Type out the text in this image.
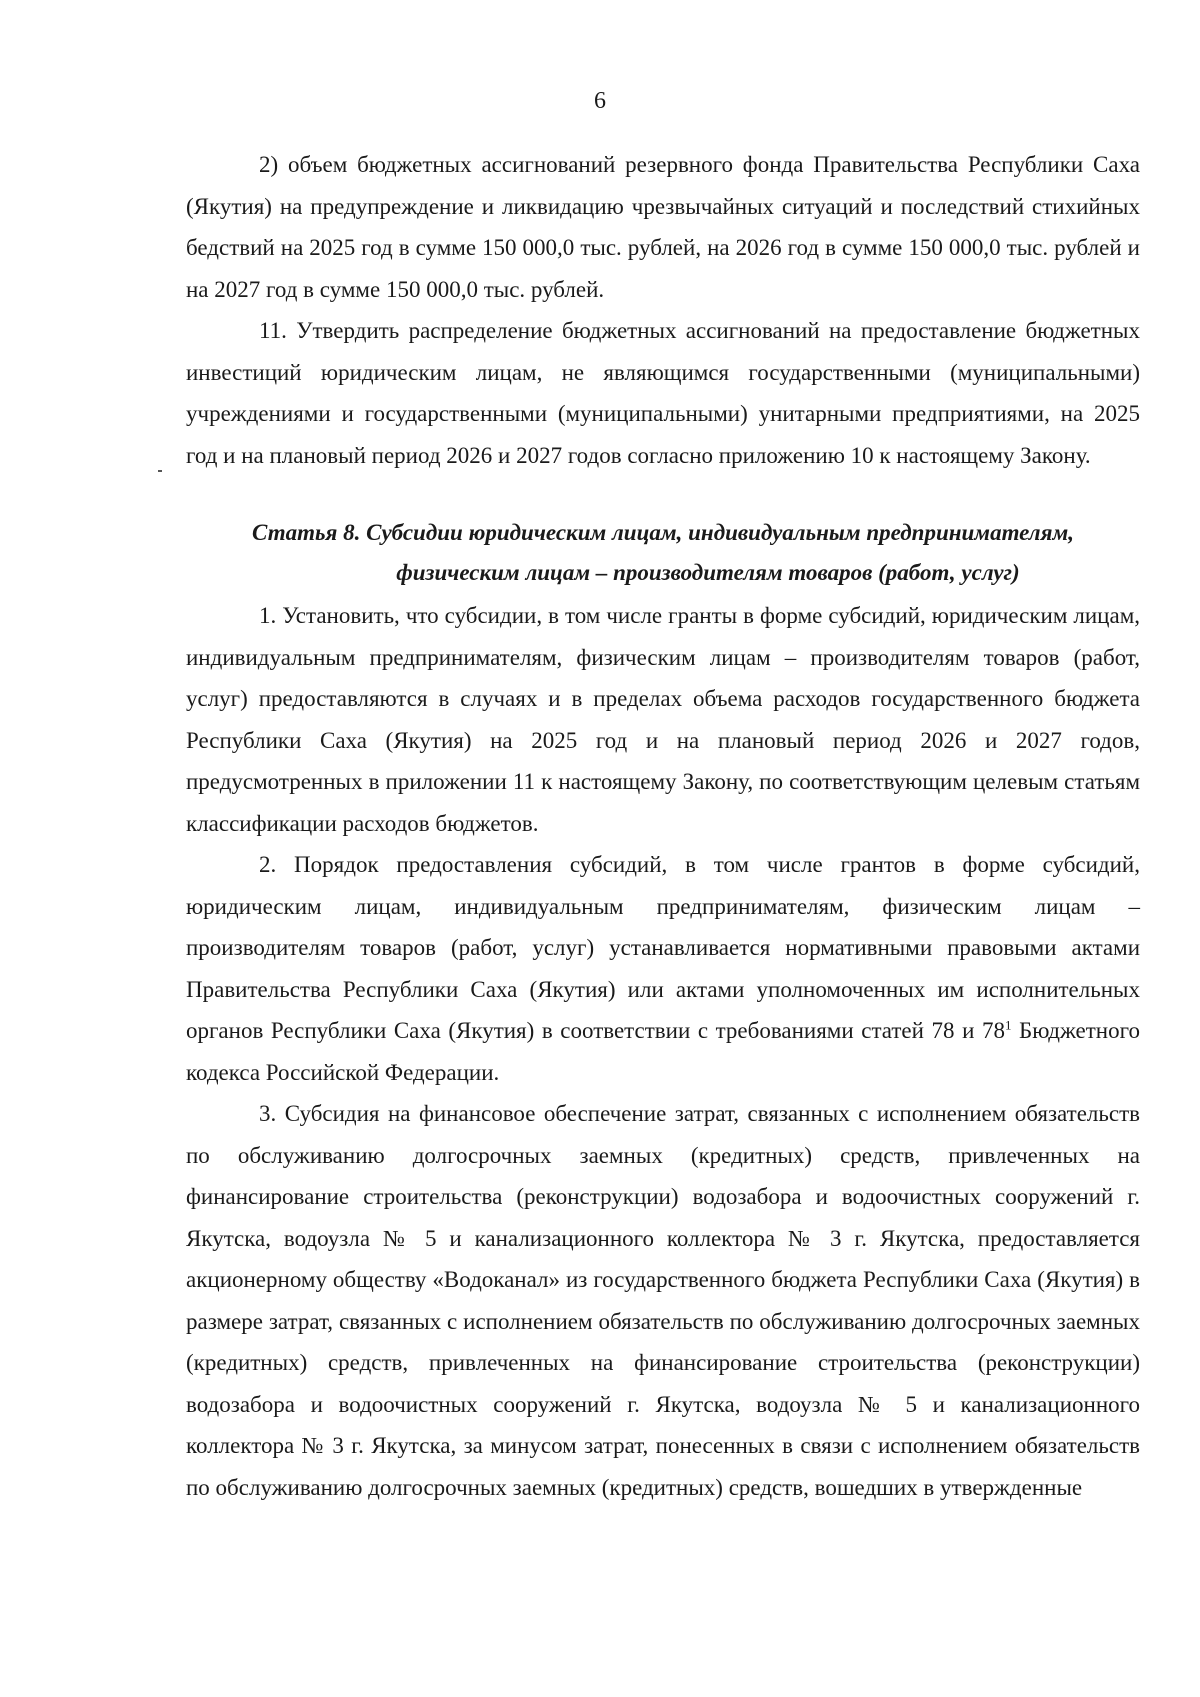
6

2) объем бюджетных ассигнований резервного фонда Правительства Республики Саха (Якутия) на предупреждение и ликвидацию чрезвычайных ситуаций и последствий стихийных бедствий на 2025 год в сумме 150 000,0 тыс. рублей, на 2026 год в сумме 150 000,0 тыс. рублей и на 2027 год в сумме 150 000,0 тыс. рублей.

11. Утвердить распределение бюджетных ассигнований на предоставление бюджетных инвестиций юридическим лицам, не являющимся государственными (муниципальными) учреждениями и государственными (муниципальными) унитарными предприятиями, на 2025 год и на плановый период 2026 и 2027 годов согласно приложению 10 к настоящему Закону.

Статья 8. Субсидии юридическим лицам, индивидуальным предпринимателям,
физическим лицам – производителям товаров (работ, услуг)

1. Установить, что субсидии, в том числе гранты в форме субсидий, юридическим лицам, индивидуальным предпринимателям, физическим лицам – производителям товаров (работ, услуг) предоставляются в случаях и в пределах объема расходов государственного бюджета Республики Саха (Якутия) на 2025 год и на плановый период 2026 и 2027 годов, предусмотренных в приложении 11 к настоящему Закону, по соответствующим целевым статьям классификации расходов бюджетов.

2. Порядок предоставления субсидий, в том числе грантов в форме субсидий, юридическим лицам, индивидуальным предпринимателям, физическим лицам – производителям товаров (работ, услуг) устанавливается нормативными правовыми актами Правительства Республики Саха (Якутия) или актами уполномоченных им исполнительных органов Республики Саха (Якутия) в соответствии с требованиями статей 78 и $78^1$ Бюджетного кодекса Российской Федерации.

3. Субсидия на финансовое обеспечение затрат, связанных с исполнением обязательств по обслуживанию долгосрочных заемных (кредитных) средств, привлеченных на финансирование строительства (реконструкции) водозабора и водоочистных сооружений г. Якутска, водоузла № 5 и канализационного коллектора № 3 г. Якутска, предоставляется акционерному обществу «Водоканал» из государственного бюджета Республики Саха (Якутия) в размере затрат, связанных с исполнением обязательств по обслуживанию долгосрочных заемных (кредитных) средств, привлеченных на финансирование строительства (реконструкции) водозабора и водоочистных сооружений г. Якутска, водоузла № 5 и канализационного коллектора № 3 г. Якутска, за минусом затрат, понесенных в связи с исполнением обязательств по обслуживанию долгосрочных заемных (кредитных) средств, вошедших в утвержденные
